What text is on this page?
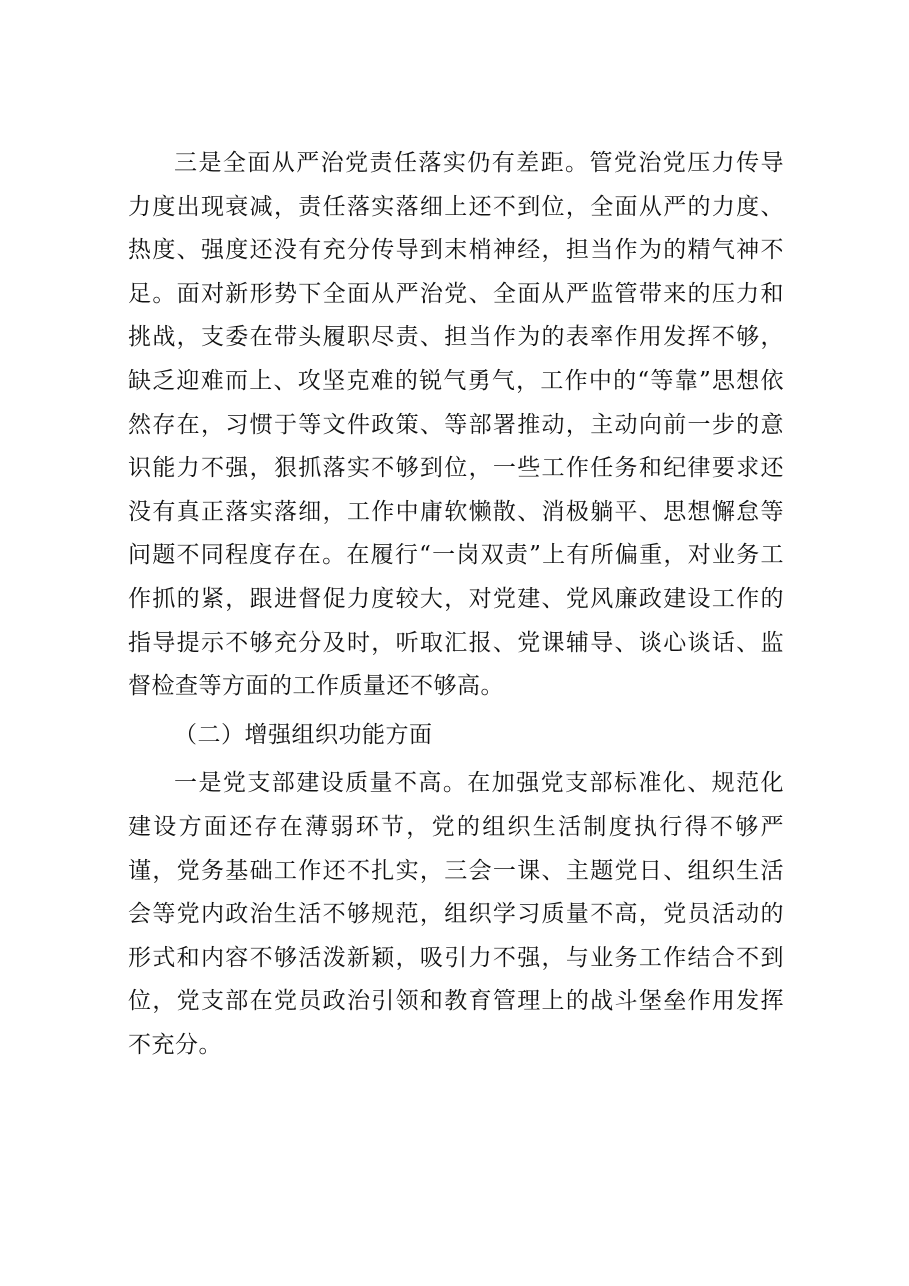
三是全面从严治党责任落实仍有差距。管党治党压力传导力度出现衰减，责任落实落细上还不到位，全面从严的力度、热度、强度还没有充分传导到末梢神经，担当作为的精气神不足。面对新形势下全面从严治党、全面从严监管带来的压力和挑战，支委在带头履职尽责、担当作为的表率作用发挥不够，缺乏迎难而上、攻坚克难的锐气勇气，工作中的“等靠”思想依然存在，习惯于等文件政策、等部署推动，主动向前一步的意识能力不强，狠抓落实不够到位，一些工作任务和纪律要求还没有真正落实落细，工作中庸软懒散、消极躺平、思想懈怠等问题不同程度存在。在履行“一岗双责”上有所偏重，对业务工作抓的紧，跟进督促力度较大，对党建、党风廉政建设工作的指导提示不够充分及时，听取汇报、党课辅导、谈心谈话、监督检查等方面的工作质量还不够高。

（二）增强组织功能方面

一是党支部建设质量不高。在加强党支部标准化、规范化建设方面还存在薄弱环节，党的组织生活制度执行得不够严谨，党务基础工作还不扎实，三会一课、主题党日、组织生活会等党内政治生活不够规范，组织学习质量不高，党员活动的形式和内容不够活泼新颖，吸引力不强，与业务工作结合不到位，党支部在党员政治引领和教育管理上的战斗堡垒作用发挥不充分。
